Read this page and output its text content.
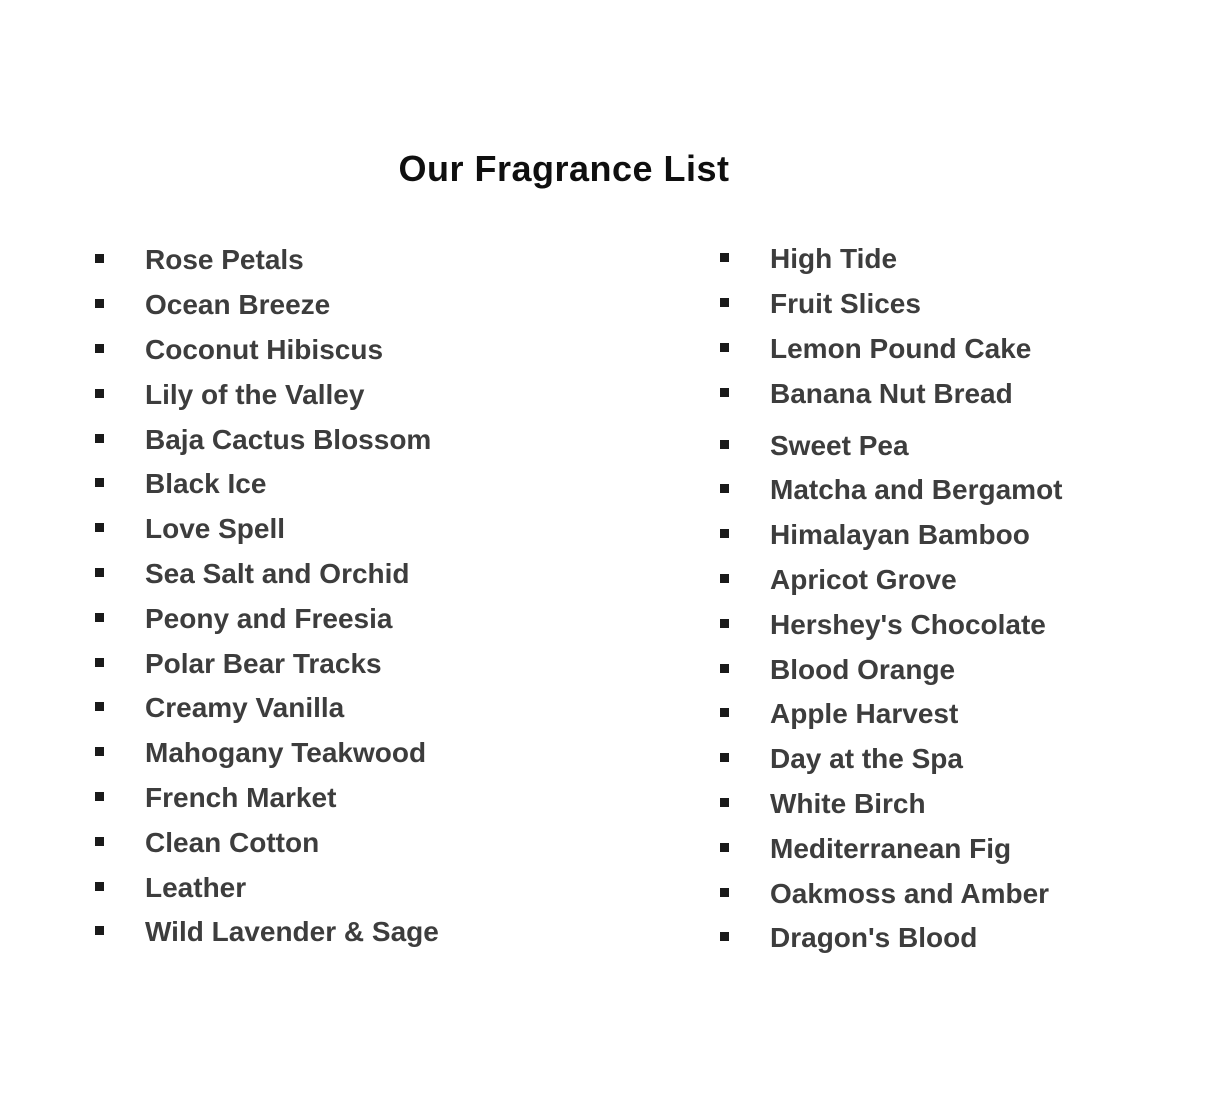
Our Fragrance List
Rose Petals
Ocean Breeze
Coconut Hibiscus
Lily of the Valley
Baja Cactus Blossom
Black Ice
Love Spell
Sea Salt and Orchid
Peony and Freesia
Polar Bear Tracks
Creamy Vanilla
Mahogany Teakwood
French Market
Clean Cotton
Leather
Wild Lavender & Sage
High Tide
Fruit Slices
Lemon Pound Cake
Banana Nut Bread
Sweet Pea
Matcha and Bergamot
Himalayan Bamboo
Apricot Grove
Hershey's Chocolate
Blood Orange
Apple Harvest
Day at the Spa
White Birch
Mediterranean Fig
Oakmoss and Amber
Dragon's Blood
